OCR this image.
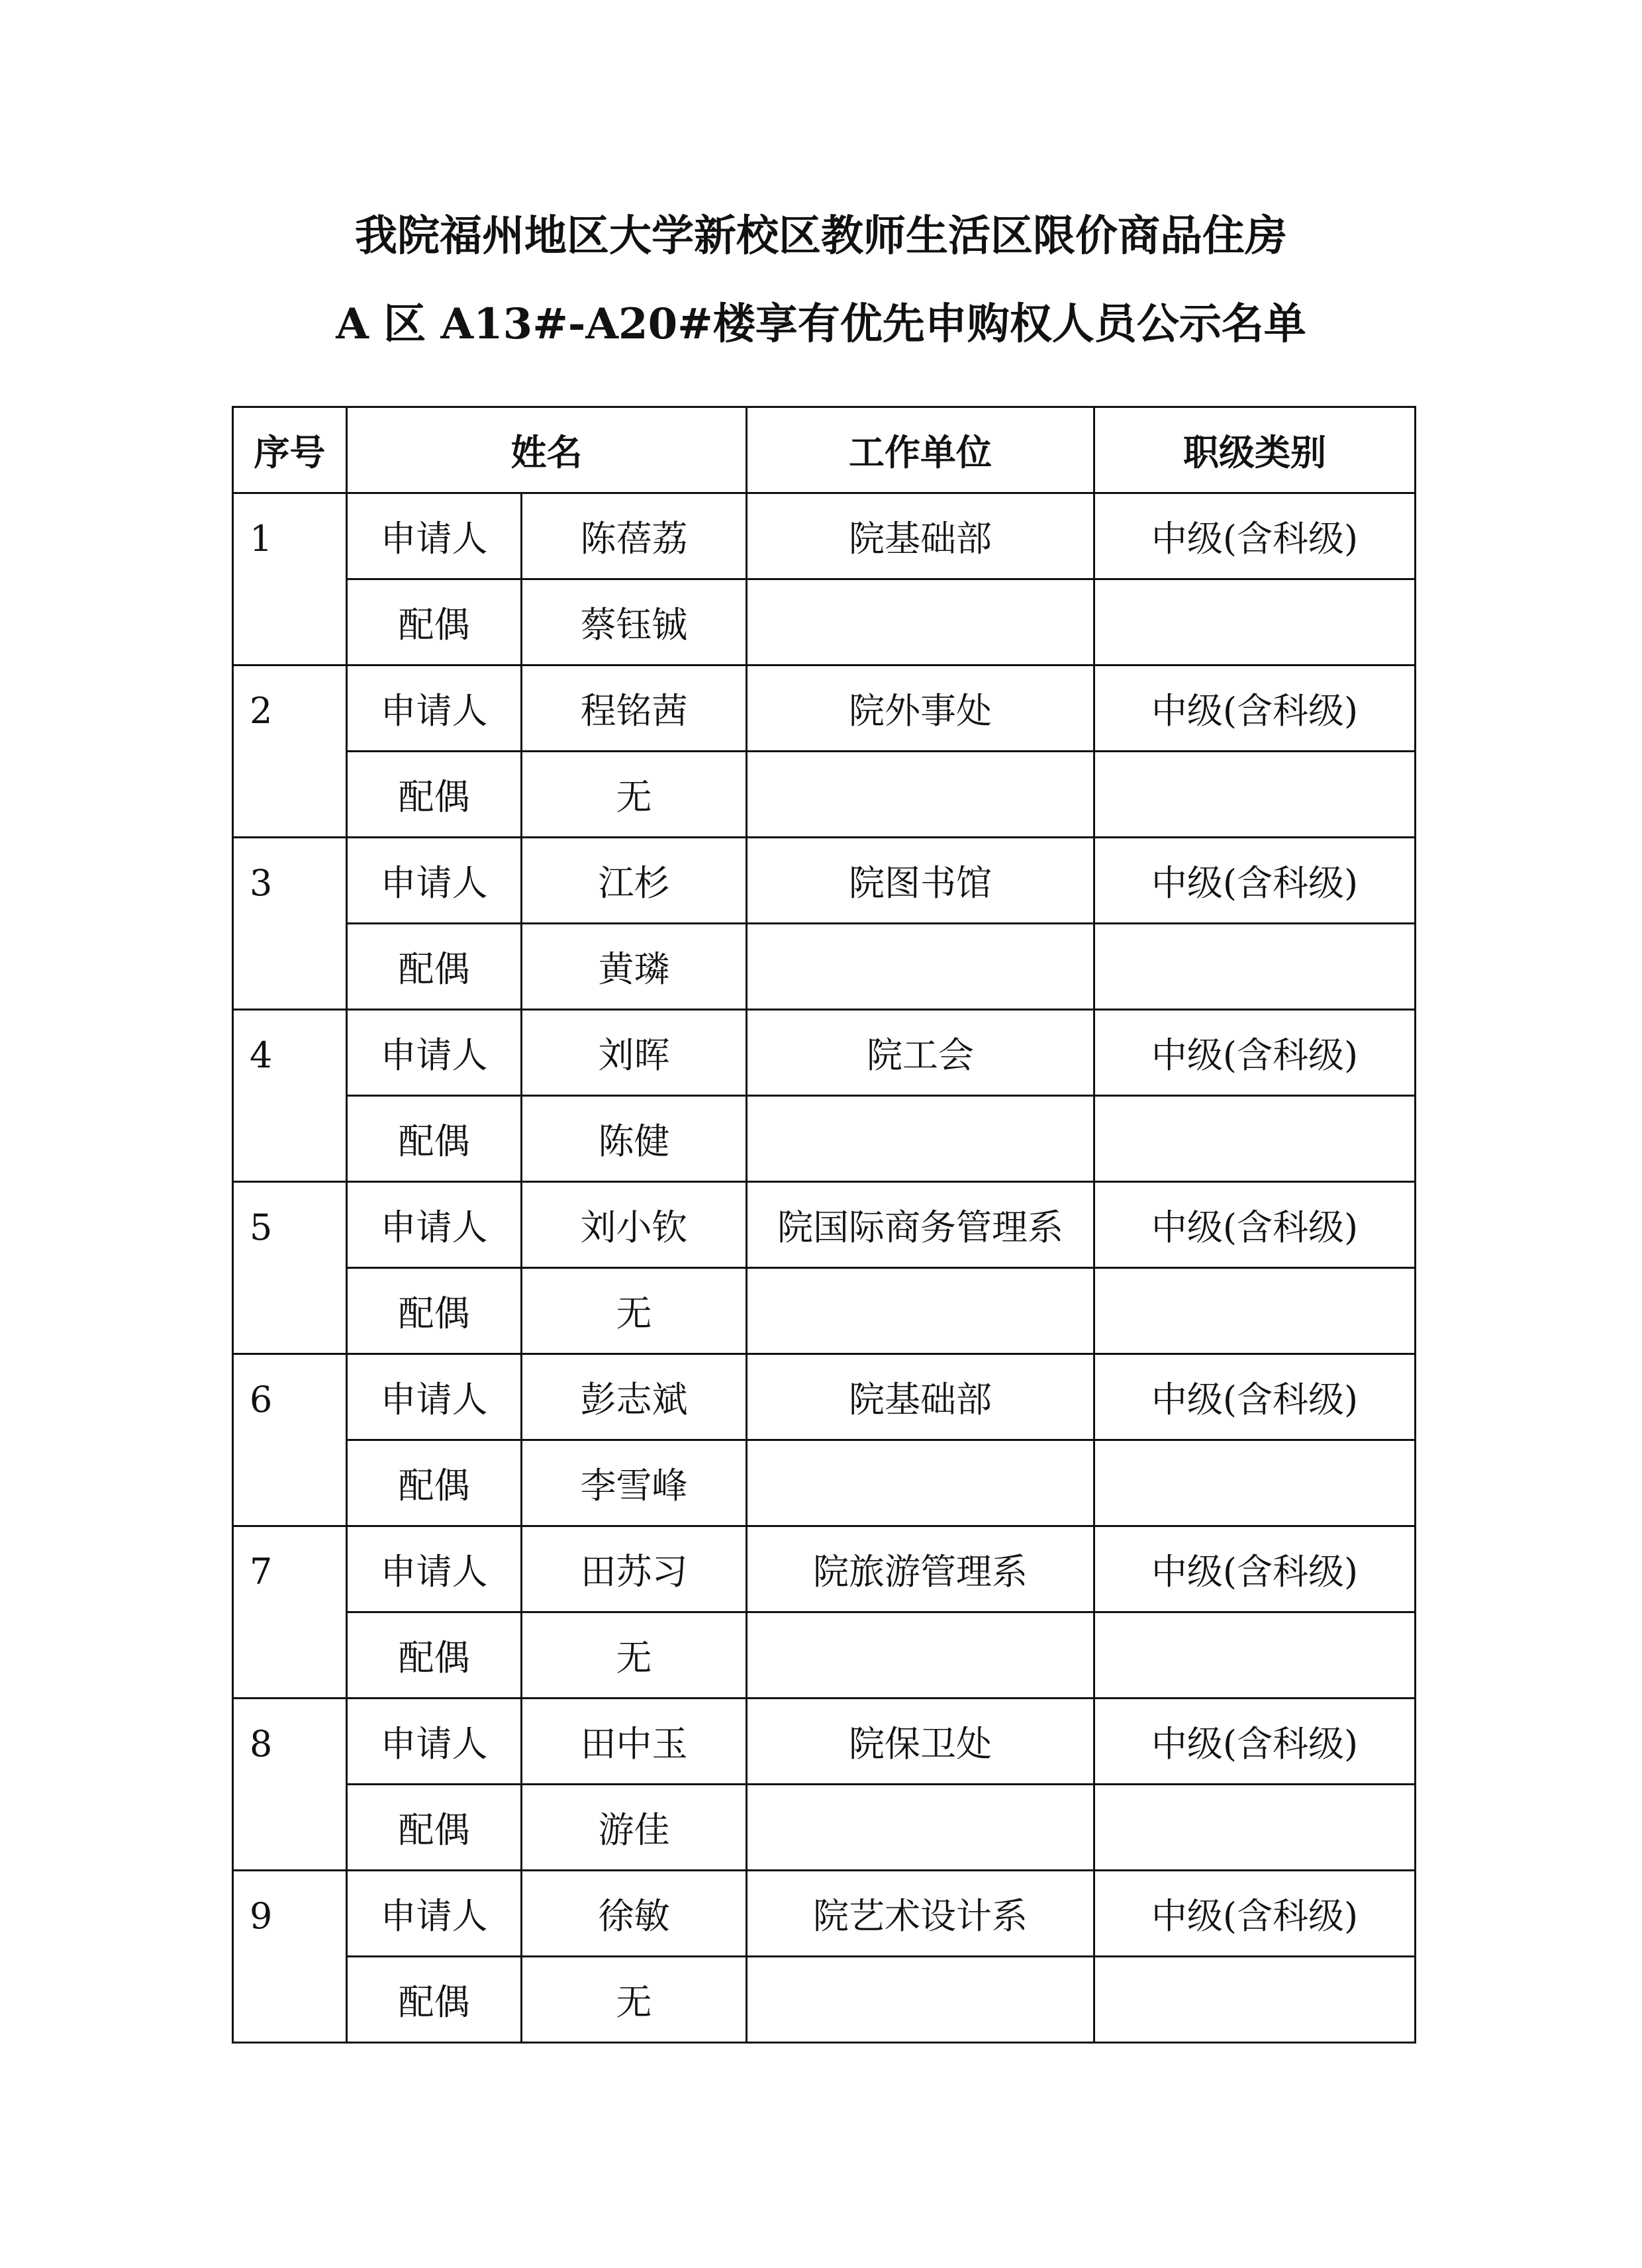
我院福州地区大学新校区教师生活区限价商品住房
A 区 A13#-A20#楼享有优先申购权人员公示名单
序号	姓名		工作单位	职级类别
1	申请人	陈蓓荔	院基础部	中级(含科级)
	配偶	蔡钰铖		
2	申请人	程铭茜	院外事处	中级(含科级)
	配偶	无		
3	申请人	江杉	院图书馆	中级(含科级)
	配偶	黄璘		
4	申请人	刘晖	院工会	中级(含科级)
	配偶	陈健		
5	申请人	刘小钦	院国际商务管理系	中级(含科级)
	配偶	无		
6	申请人	彭志斌	院基础部	中级(含科级)
	配偶	李雪峰		
7	申请人	田苏习	院旅游管理系	中级(含科级)
	配偶	无		
8	申请人	田中玉	院保卫处	中级(含科级)
	配偶	游佳		
9	申请人	徐敏	院艺术设计系	中级(含科级)
	配偶	无		
